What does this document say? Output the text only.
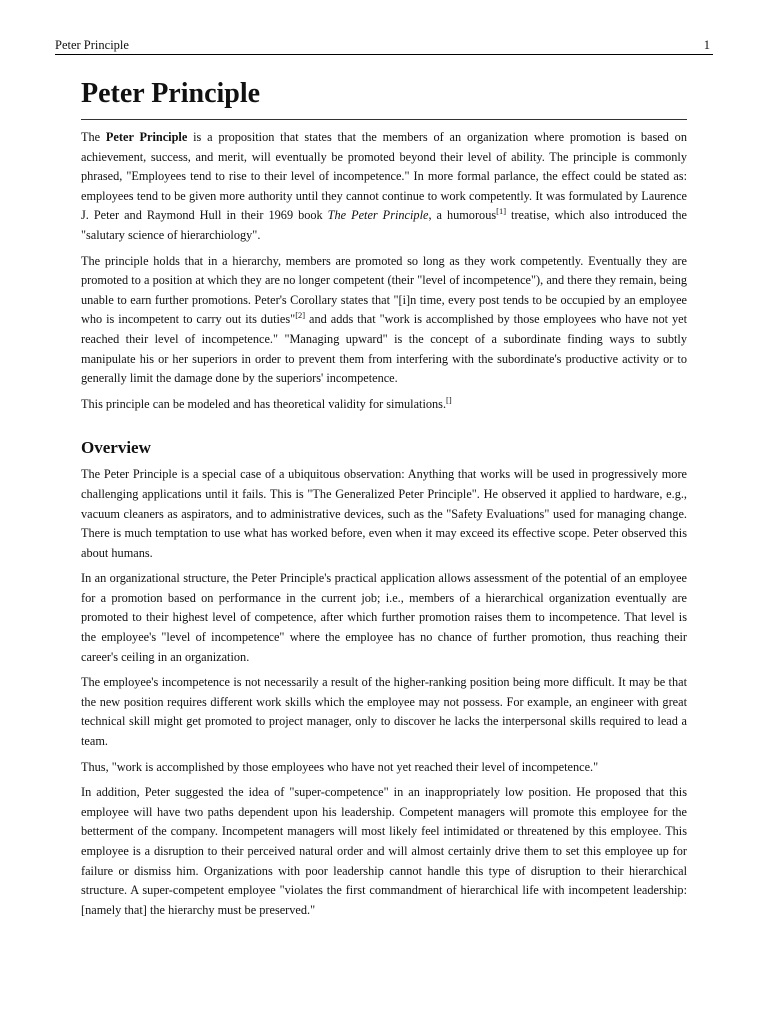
Peter Principle	1
Peter Principle

The Peter Principle is a proposition that states that the members of an organization where promotion is based on achievement, success, and merit, will eventually be promoted beyond their level of ability. The principle is commonly phrased, "Employees tend to rise to their level of incompetence." In more formal parlance, the effect could be stated as: employees tend to be given more authority until they cannot continue to work competently. It was formulated by Laurence J. Peter and Raymond Hull in their 1969 book The Peter Principle, a humorous[1] treatise, which also introduced the "salutary science of hierarchiology".

The principle holds that in a hierarchy, members are promoted so long as they work competently. Eventually they are promoted to a position at which they are no longer competent (their "level of incompetence"), and there they remain, being unable to earn further promotions. Peter's Corollary states that "[i]n time, every post tends to be occupied by an employee who is incompetent to carry out its duties"[2] and adds that "work is accomplished by those employees who have not yet reached their level of incompetence." "Managing upward" is the concept of a subordinate finding ways to subtly manipulate his or her superiors in order to prevent them from interfering with the subordinate's productive activity or to generally limit the damage done by the superiors' incompetence.

This principle can be modeled and has theoretical validity for simulations.[]

Overview

The Peter Principle is a special case of a ubiquitous observation: Anything that works will be used in progressively more challenging applications until it fails. This is "The Generalized Peter Principle". He observed it applied to hardware, e.g., vacuum cleaners as aspirators, and to administrative devices, such as the "Safety Evaluations" used for managing change. There is much temptation to use what has worked before, even when it may exceed its effective scope. Peter observed this about humans.

In an organizational structure, the Peter Principle's practical application allows assessment of the potential of an employee for a promotion based on performance in the current job; i.e., members of a hierarchical organization eventually are promoted to their highest level of competence, after which further promotion raises them to incompetence. That level is the employee's "level of incompetence" where the employee has no chance of further promotion, thus reaching their career's ceiling in an organization.

The employee's incompetence is not necessarily a result of the higher-ranking position being more difficult. It may be that the new position requires different work skills which the employee may not possess. For example, an engineer with great technical skill might get promoted to project manager, only to discover he lacks the interpersonal skills required to lead a team.

Thus, "work is accomplished by those employees who have not yet reached their level of incompetence."

In addition, Peter suggested the idea of "super-competence" in an inappropriately low position. He proposed that this employee will have two paths dependent upon his leadership. Competent managers will promote this employee for the betterment of the company. Incompetent managers will most likely feel intimidated or threatened by this employee. This employee is a disruption to their perceived natural order and will almost certainly drive them to set this employee up for failure or dismiss him. Organizations with poor leadership cannot handle this type of disruption to their hierarchical structure. A super-competent employee "violates the first commandment of hierarchical life with incompetent leadership: [namely that] the hierarchy must be preserved."
